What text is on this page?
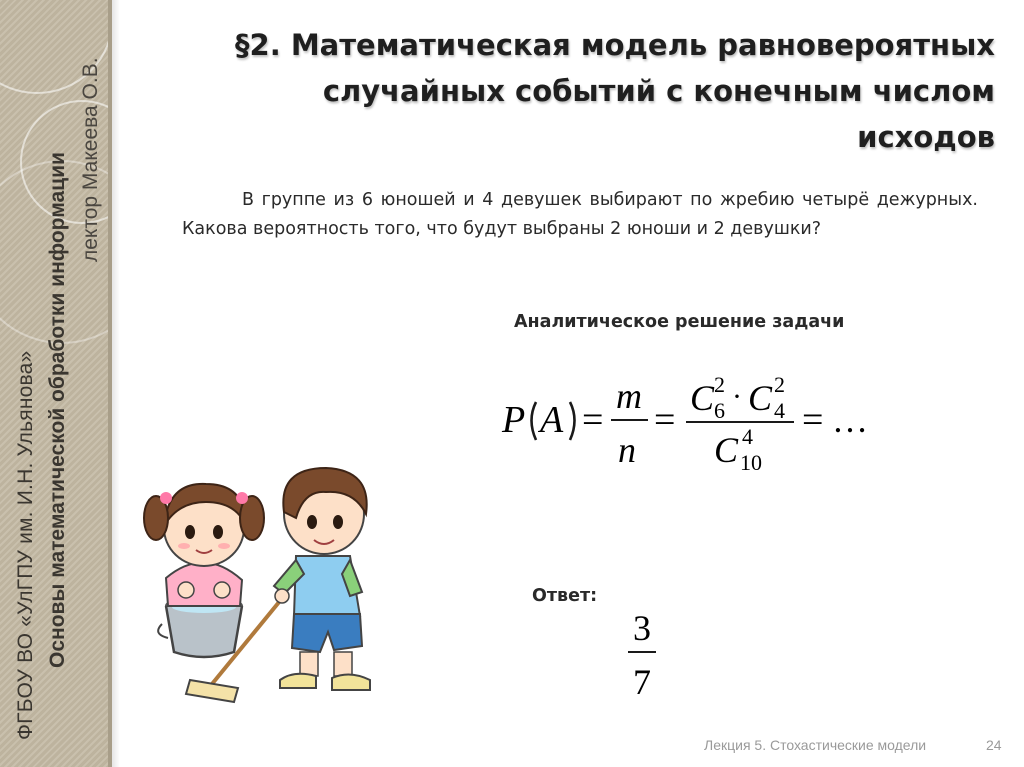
ФГБОУ ВО «УлГПУ им. И.Н. Ульянова» Основы математической обработки информации лектор Макеева О.В.
§2. Математическая модель равновероятных
случайных событий с конечным числом
исходов
В группе из 6 юношей и 4 девушек выбирают по жребию четырё дежурных. Какова вероятность того, что будут выбраны 2 юноши и 2 девушки?
Аналитическое решение задачи
P A =
m
n
=
C 2
6 · C 2
4
C 4
10
= …
Ответ:
3
7
Лекция 5. Стохастические модели	24
